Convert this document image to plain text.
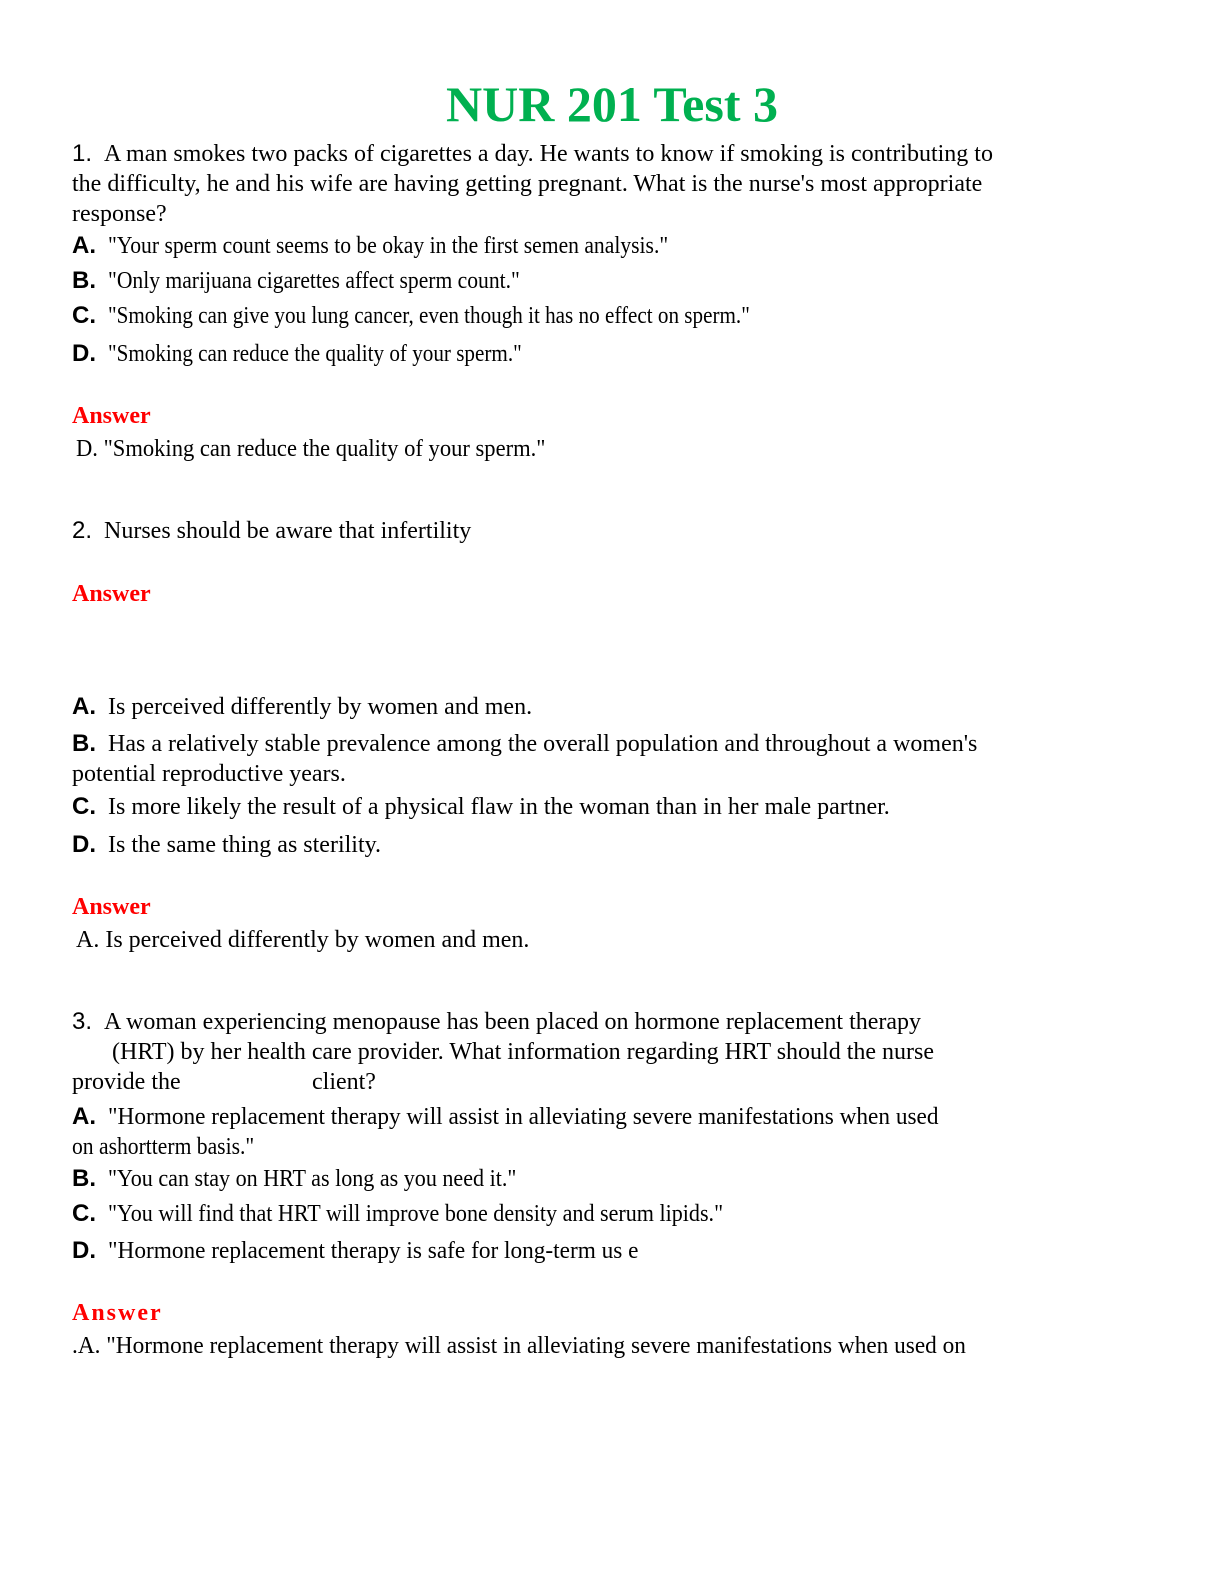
NUR 201 Test 3
1. A man smokes two packs of cigarettes a day. He wants to know if smoking is contributing to
the difficulty, he and his wife are having getting pregnant. What is the nurse's most appropriate
response?
A. "Your sperm count seems to be okay in the first semen analysis."
B. "Only marijuana cigarettes affect sperm count."
C. "Smoking can give you lung cancer, even though it has no effect on sperm."
D. "Smoking can reduce the quality of your sperm."
Answer
D. "Smoking can reduce the quality of your sperm."
2. Nurses should be aware that infertility
Answer
A. Is perceived differently by women and men.
B. Has a relatively stable prevalence among the overall population and throughout a women's
potential reproductive years.
C. Is more likely the result of a physical flaw in the woman than in her male partner.
D. Is the same thing as sterility.
Answer
A. Is perceived differently by women and men.
3. A woman experiencing menopause has been placed on hormone replacement therapy
(HRT) by her health care provider. What information regarding HRT should the nurse
provide the	client?
A. "Hormone replacement therapy will assist in alleviating severe manifestations when used
on ashortterm basis."
B. "You can stay on HRT as long as you need it."
C. "You will find that HRT will improve bone density and serum lipids."
D. "Hormone replacement therapy is safe for long-term us e
Answer
.A. "Hormone replacement therapy will assist in alleviating severe manifestations when used on
